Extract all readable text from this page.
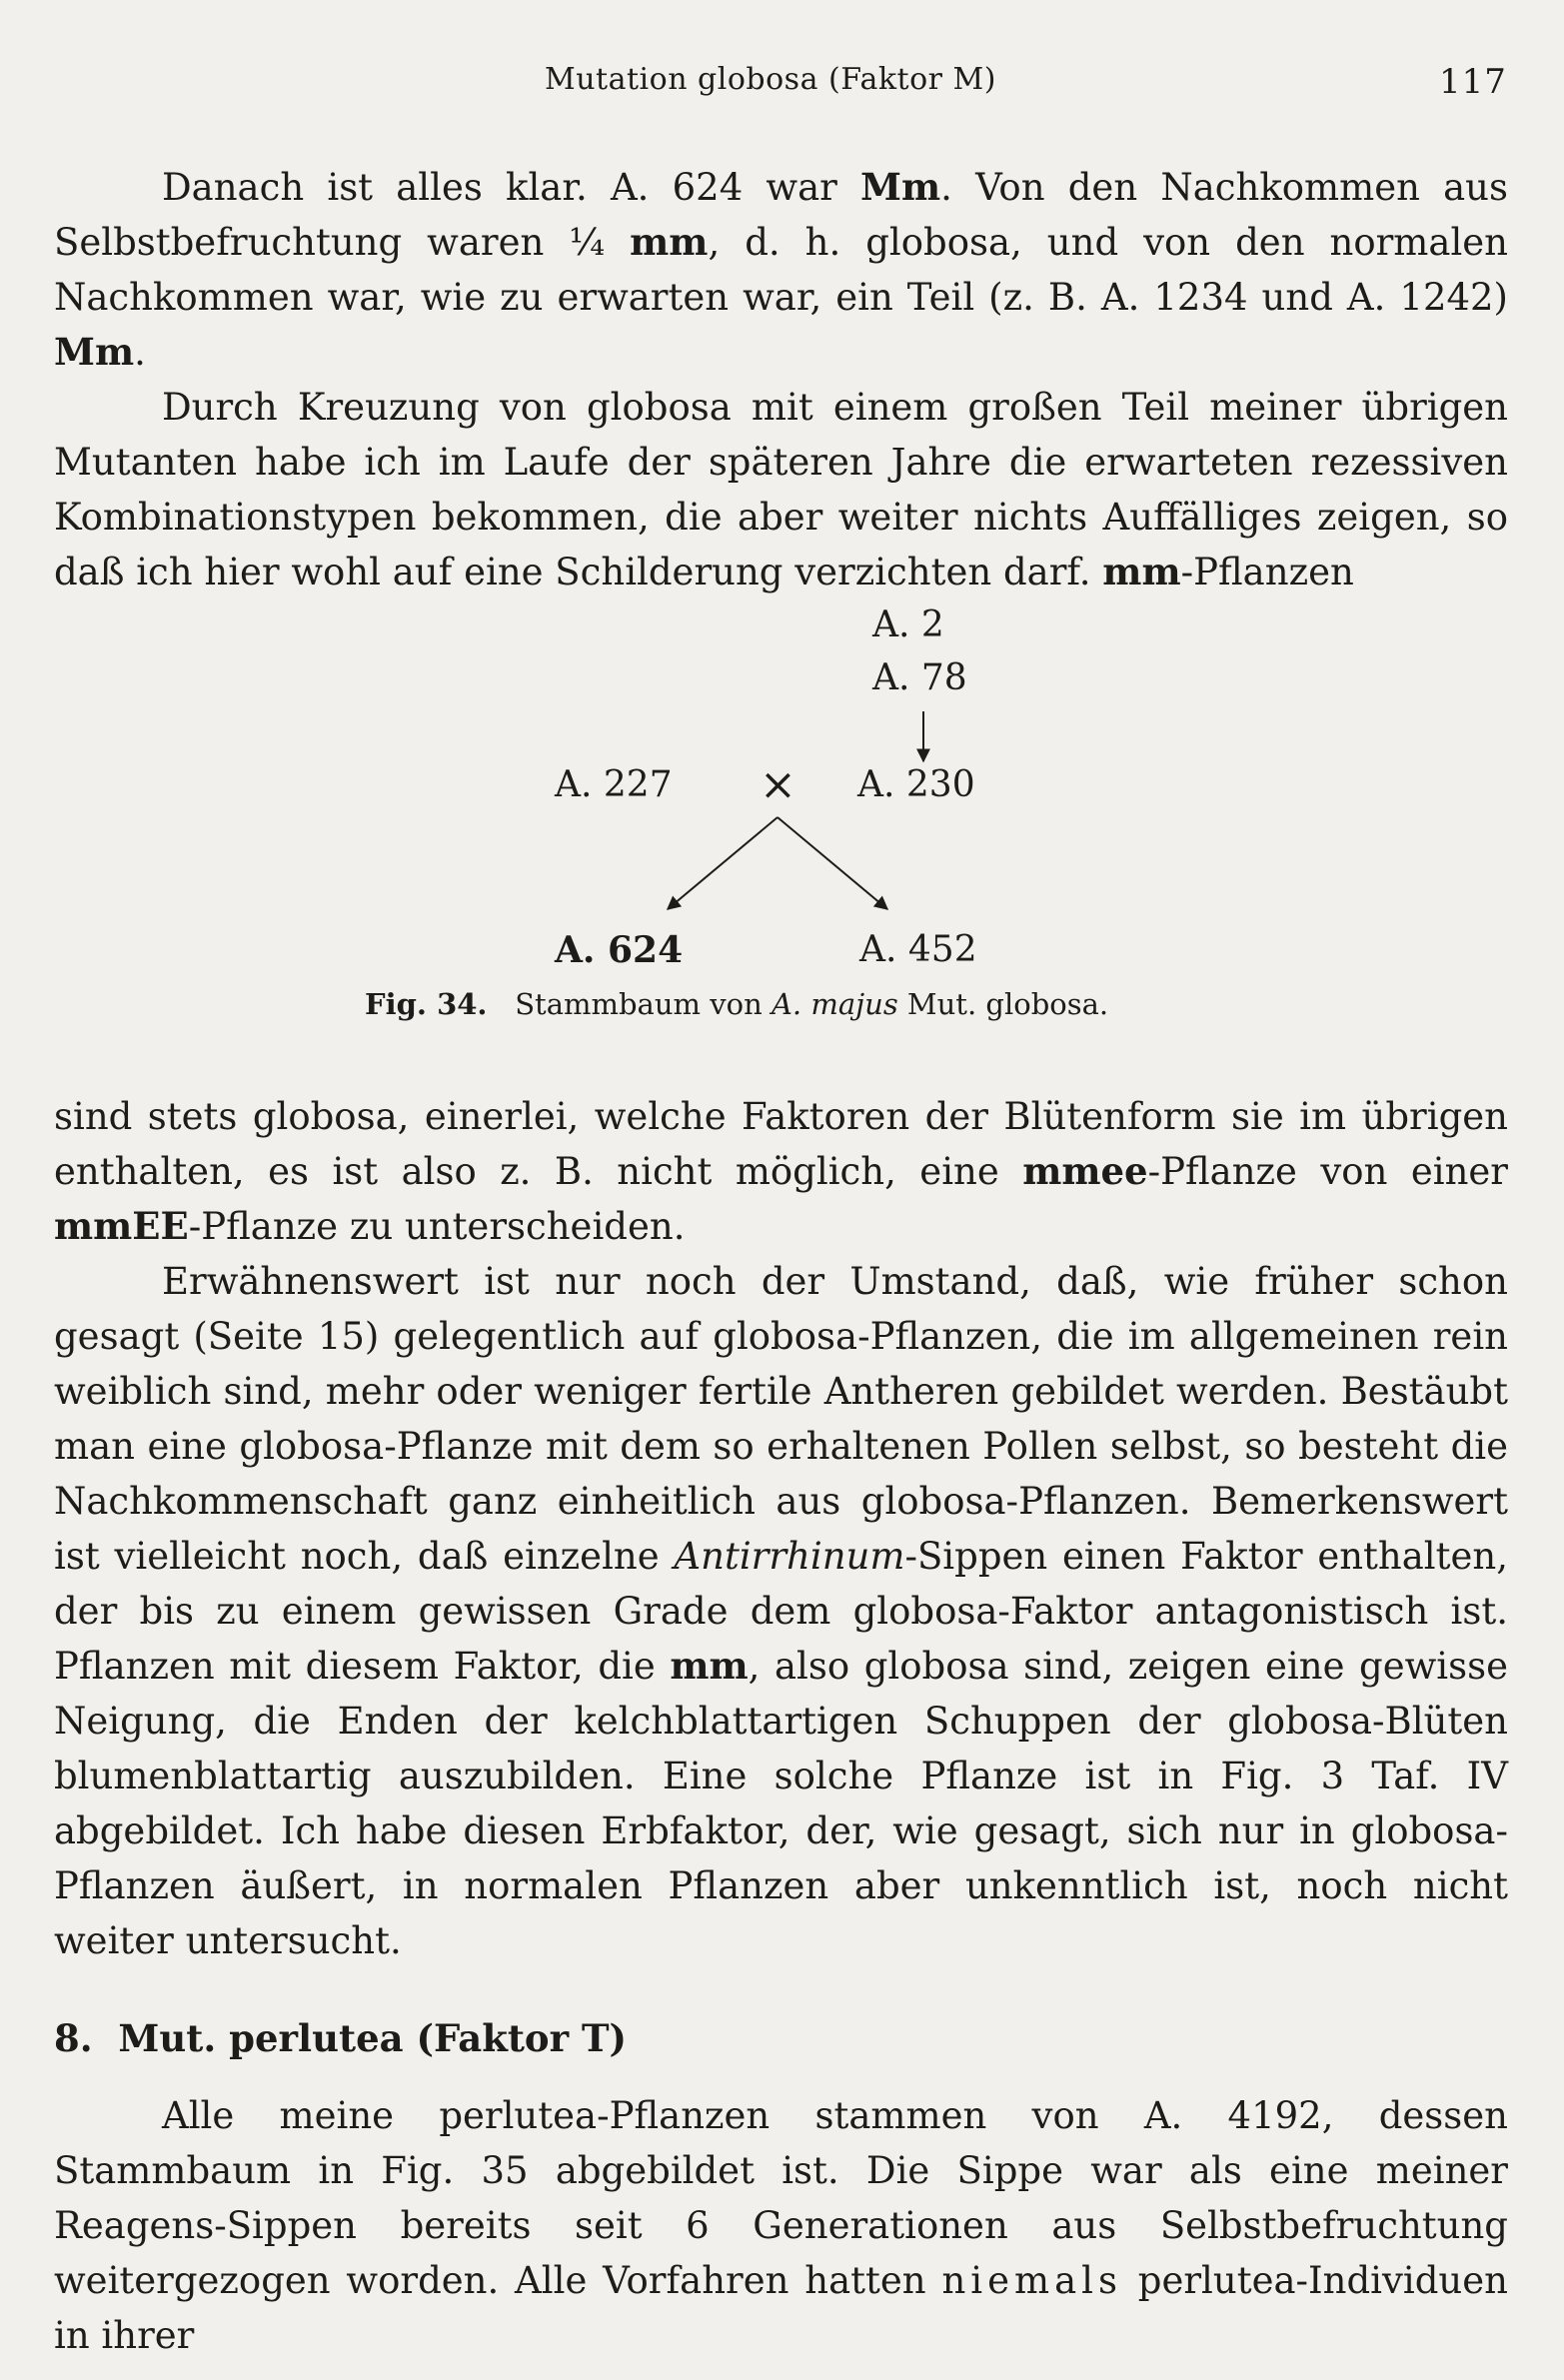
Mutation globosa (Faktor M)	117

Danach ist alles klar. A. 624 war Mm. Von den Nachkommen aus Selbstbefruchtung waren ¼ mm, d. h. globosa, und von den normalen Nachkommen war, wie zu erwarten war, ein Teil (z. B. A. 1234 und A. 1242) Mm.

Durch Kreuzung von globosa mit einem großen Teil meiner übrigen Mutanten habe ich im Laufe der späteren Jahre die erwarteten rezessiven Kombinationstypen bekommen, die aber weiter nichts Auffälliges zeigen, so daß ich hier wohl auf eine Schilderung verzichten darf. mm-Pflanzen

A. 2
A. 78
A. 227 × A. 230
A. 624	A. 452
Fig. 34. Stammbaum von A. majus Mut. globosa.

sind stets globosa, einerlei, welche Faktoren der Blütenform sie im übrigen enthalten, es ist also z. B. nicht möglich, eine mmee-Pflanze von einer mmEE-Pflanze zu unterscheiden.

Erwähnenswert ist nur noch der Umstand, daß, wie früher schon gesagt (Seite 15) gelegentlich auf globosa-Pflanzen, die im allgemeinen rein weiblich sind, mehr oder weniger fertile Antheren gebildet werden. Bestäubt man eine globosa-Pflanze mit dem so erhaltenen Pollen selbst, so besteht die Nachkommenschaft ganz einheitlich aus globosa-Pflanzen. Bemerkenswert ist vielleicht noch, daß einzelne Antirrhinum-Sippen einen Faktor enthalten, der bis zu einem gewissen Grade dem globosa-Faktor antagonistisch ist. Pflanzen mit diesem Faktor, die mm, also globosa sind, zeigen eine gewisse Neigung, die Enden der kelchblattartigen Schuppen der globosa-Blüten blumenblattartig auszubilden. Eine solche Pflanze ist in Fig. 3 Taf. IV abgebildet. Ich habe diesen Erbfaktor, der, wie gesagt, sich nur in globosa-Pflanzen äußert, in normalen Pflanzen aber unkenntlich ist, noch nicht weiter untersucht.

8. Mut. perlutea (Faktor T)

Alle meine perlutea-Pflanzen stammen von A. 4192, dessen Stammbaum in Fig. 35 abgebildet ist. Die Sippe war als eine meiner Reagens-Sippen bereits seit 6 Generationen aus Selbstbefruchtung weitergezogen worden. Alle Vorfahren hatten niemals perlutea-Individuen in ihrer
